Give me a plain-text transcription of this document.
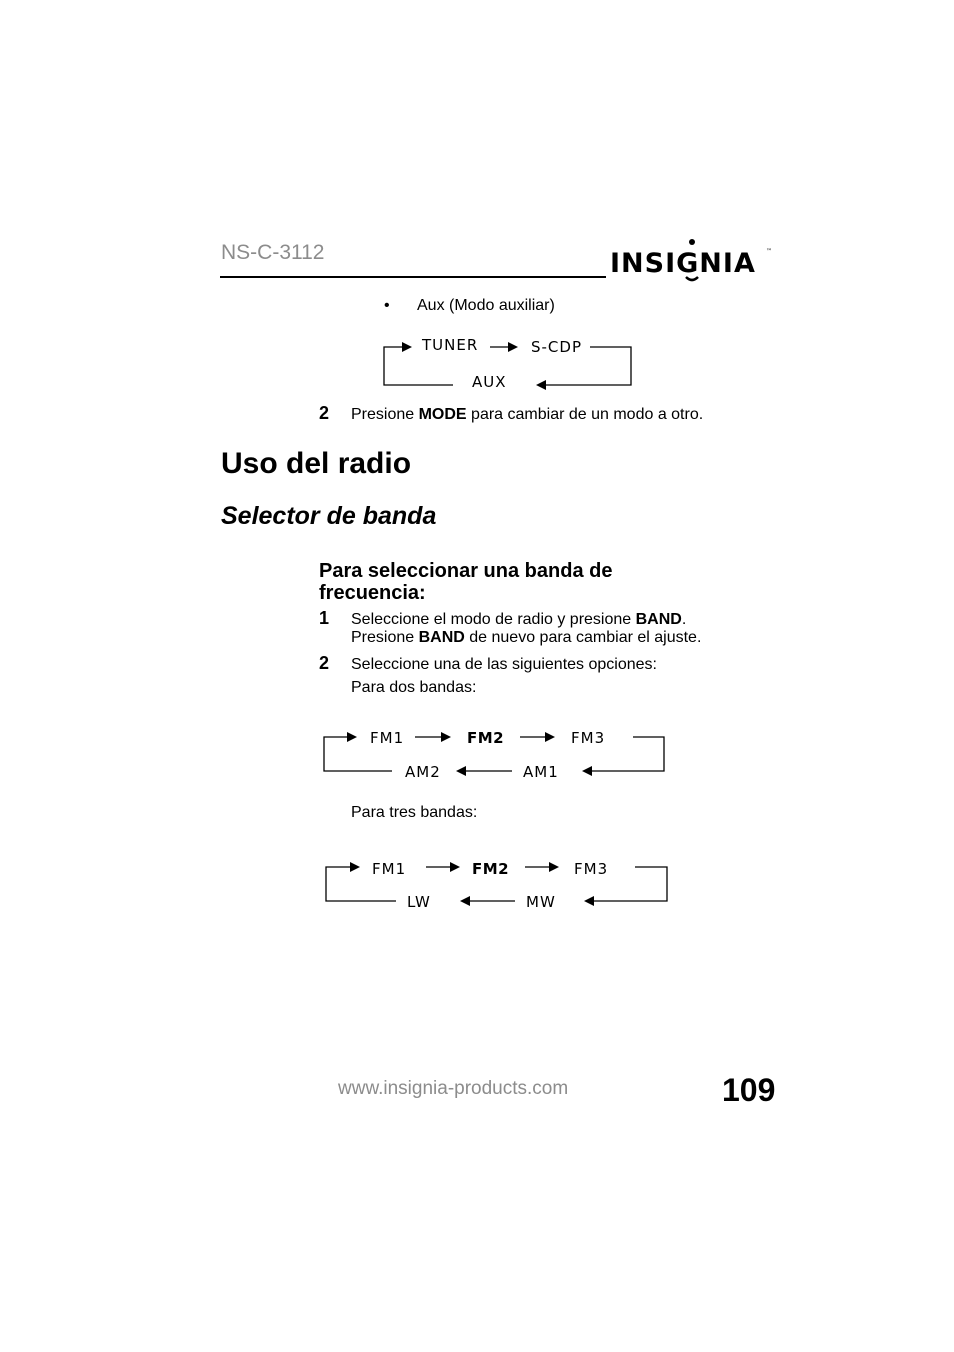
NS-C-3112	INSIGNIA ™
• Aux (Modo auxiliar)
TUNER	S-CDP
AUX
2 Presione MODE para cambiar de un modo a otro.
Uso del radio
Selector de banda
Para seleccionar una banda de frecuencia:
1 Seleccione el modo de radio y presione BAND.
Presione BAND de nuevo para cambiar el ajuste.
2 Seleccione una de las siguientes opciones:
Para dos bandas:
FM1	FM2	FM3
AM1
AM2
Para tres bandas:
FM1	FM2	FM3
MW
LW
www.insignia-products.com	109
